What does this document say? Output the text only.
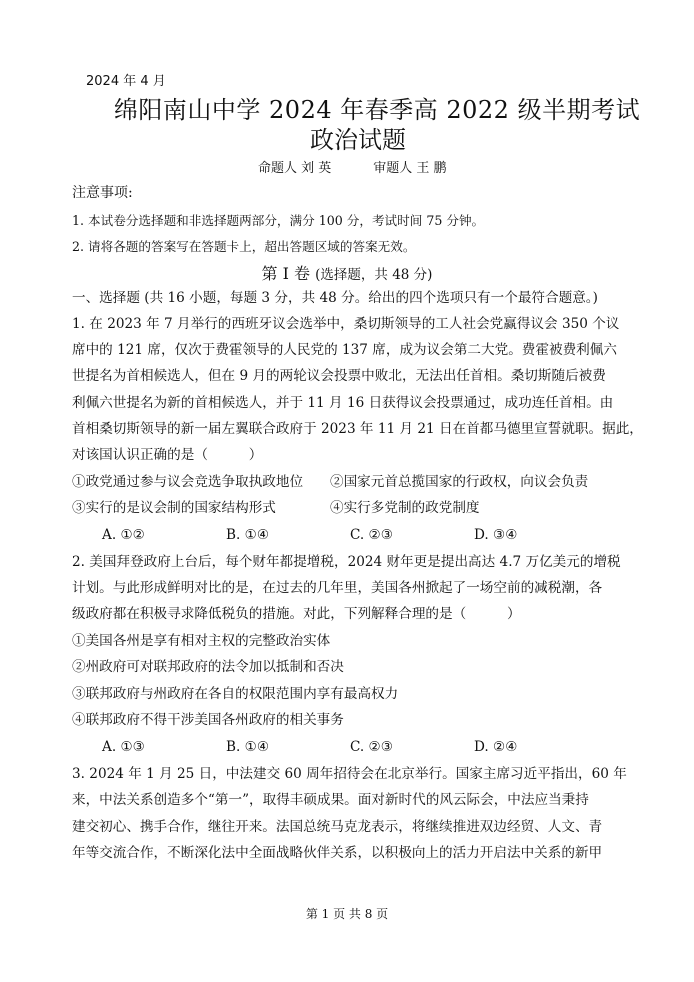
2024 年 4 月
绵阳南山中学 2024 年春季高 2022 级半期考试
政治试题
命题人 刘 英	审题人 王 鹏
注意事项:
1. 本试卷分选择题和非选择题两部分，满分 100 分，考试时间 75 分钟。
2. 请将各题的答案写在答题卡上，超出答题区域的答案无效。
第 I 卷 (选择题，共 48 分)
一、选择题 (共 16 小题，每题 3 分，共 48 分。给出的四个选项只有一个最符合题意。)
1. 在 2023 年 7 月举行的西班牙议会选举中，桑切斯领导的工人社会党赢得议会 350 个议
席中的 121 席，仅次于费霍领导的人民党的 137 席，成为议会第二大党。费霍被费利佩六
世提名为首相候选人，但在 9 月的两轮议会投票中败北，无法出任首相。桑切斯随后被费
利佩六世提名为新的首相候选人，并于 11 月 16 日获得议会投票通过，成功连任首相。由
首相桑切斯领导的新一届左翼联合政府于 2023 年 11 月 21 日在首都马德里宣誓就职。据此，
对该国认识正确的是（　　　）
①政党通过参与议会竞选争取执政地位 ②国家元首总揽国家的行政权，向议会负责
③实行的是议会制的国家结构形式	④实行多党制的政党制度
A. ①②	B. ①④	C. ②③	D. ③④
2. 美国拜登政府上台后，每个财年都提增税，2024 财年更是提出高达 4.7 万亿美元的增税
计划。与此形成鲜明对比的是，在过去的几年里，美国各州掀起了一场空前的减税潮，各
级政府都在积极寻求降低税负的措施。对此，下列解释合理的是（　　　）
①美国各州是享有相对主权的完整政治实体
②州政府可对联邦政府的法令加以抵制和否决
③联邦政府与州政府在各自的权限范围内享有最高权力
④联邦政府不得干涉美国各州政府的相关事务
A. ①③	B. ①④	C. ②③	D. ②④
3. 2024 年 1 月 25 日，中法建交 60 周年招待会在北京举行。国家主席习近平指出，60 年
来，中法关系创造多个“第一”，取得丰硕成果。面对新时代的风云际会，中法应当秉持
建交初心、携手合作，继往开来。法国总统马克龙表示，将继续推进双边经贸、人文、青
年等交流合作，不断深化法中全面战略伙伴关系，以积极向上的活力开启法中关系的新甲
第 1 页 共 8 页
